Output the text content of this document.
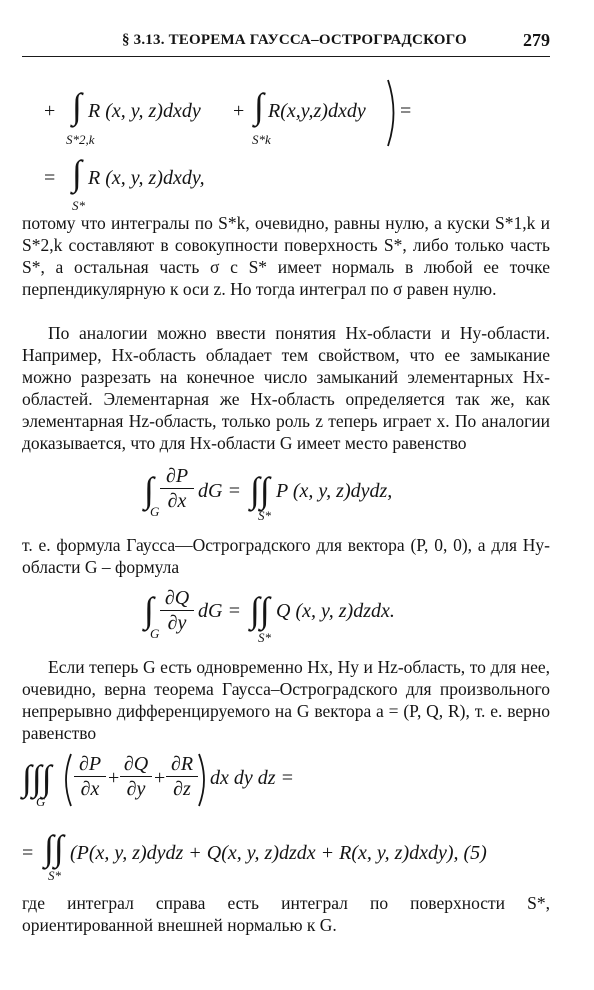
§ 3.13. ТЕОРЕМА ГАУССА–ОСТРОГРАДСКОГО	279
+ ∫ R (x, y, z)dxdy
S*2,k
+ ∫ R(x,y,z)dxdy
S*k
=
= ∫ R (x, y, z)dxdy,
S*

потому что интегралы по S*k, очевидно, равны нулю, а куски S*1,k и S*2,k составляют в совокупности поверхность S*, либо только часть S*, а остальная часть σ с S* имеет нормаль в любой ее точке перпендикулярную к оси z. Но тогда интеграл по σ равен нулю.

По аналогии можно ввести понятия Hx-области и Hy-области. Например, Hx-область обладает тем свойством, что ее замыкание можно разрезать на конечное число замыканий элементарных Hx-областей. Элементарная же Hx-область определяется так же, как элементарная Hz-область, только роль z теперь играет x. По аналогии доказывается, что для Hx-области G имеет место равенство

∫ $\frac{\partial P}{\partial x}$ dG = ∫∫ P (x, y, z)dydz,
G	S*

т. е. формула Гаусса—Остроградского для вектора (P, 0, 0), а для Hy-области G – формула

∫ $\frac{\partial Q}{\partial y}$ dG = ∫∫ Q (x, y, z)dzdx.
G	S*

Если теперь G есть одновременно Hx, Hy и Hz-область, то для нее, очевидно, верна теорема Гаусса–Остроградского для произвольного непрерывно дифференцируемого на G вектора a = (P, Q, R), т. е. верно равенство

∫∫∫
G
$\frac{\partial P}{\partial x} + \frac{\partial Q}{\partial y} + \frac{\partial R}{\partial z}$ dx dy dz =
= ∫∫ (P(x, y, z)dydz + Q(x, y, z)dzdx + R(x, y, z)dxdy), (5)
S*

где интеграл справа есть интеграл по поверхности S*, ориентированной внешней нормалью к G.
